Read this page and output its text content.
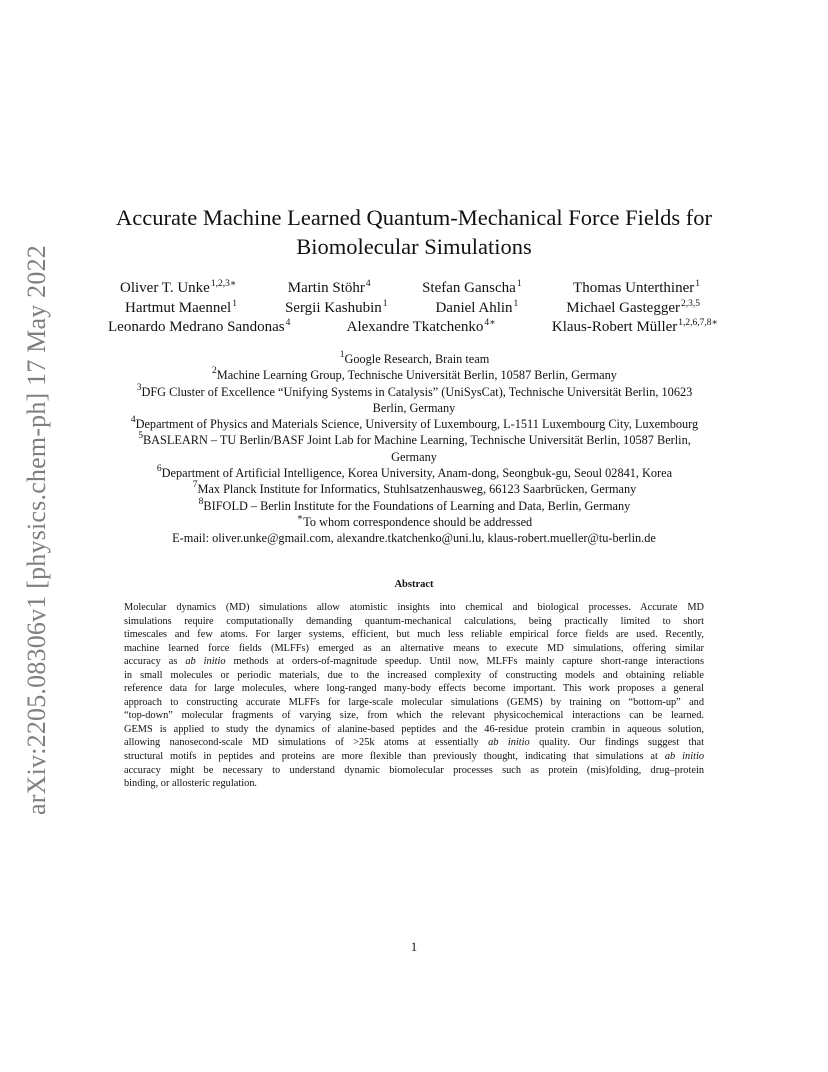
arXiv:2205.08306v1 [physics.chem-ph] 17 May 2022
Accurate Machine Learned Quantum-Mechanical Force Fields for
Biomolecular Simulations
Oliver T. Unke$^{1,2,3∗}$	Martin Stöhr$^4$	Stefan Ganscha$^1$	Thomas Unterthiner$^1$
Hartmut Maennel$^1$	Sergii Kashubin$^1$	Daniel Ahlin$^1$	Michael Gastegger$^{2,3,5}$
Leonardo Medrano Sandonas$^4$	Alexandre Tkatchenko$^{4∗}$	Klaus-Robert Müller$^{1,2,6,7,8∗}$
$^1$Google Research, Brain team
$^2$Machine Learning Group, Technische Universität Berlin, 10587 Berlin, Germany
$^3$DFG Cluster of Excellence “Unifying Systems in Catalysis” (UniSysCat), Technische Universität Berlin, 10623
Berlin, Germany
$^4$Department of Physics and Materials Science, University of Luxembourg, L-1511 Luxembourg City, Luxembourg
$^5$BASLEARN – TU Berlin/BASF Joint Lab for Machine Learning, Technische Universität Berlin, 10587 Berlin,
Germany
$^6$Department of Artificial Intelligence, Korea University, Anam-dong, Seongbuk-gu, Seoul 02841, Korea
$^7$Max Planck Institute for Informatics, Stuhlsatzenhausweg, 66123 Saarbrücken, Germany
$^8$BIFOLD – Berlin Institute for the Foundations of Learning and Data, Berlin, Germany
∗To whom correspondence should be addressed
E-mail: oliver.unke@gmail.com, alexandre.tkatchenko@uni.lu, klaus-robert.mueller@tu-berlin.de
Abstract
Molecular dynamics (MD) simulations allow atomistic insights into chemical and biological processes. Accurate MD
simulations require computationally demanding quantum-mechanical calculations, being practically limited to short
timescales and few atoms. For larger systems, efficient, but much less reliable empirical force fields are used. Recently,
machine learned force fields (MLFFs) emerged as an alternative means to execute MD simulations, offering similar
accuracy as ab initio methods at orders-of-magnitude speedup. Until now, MLFFs mainly capture short-range interactions
in small molecules or periodic materials, due to the increased complexity of constructing models and obtaining reliable
reference data for large molecules, where long-ranged many-body effects become important. This work proposes a general
approach to constructing accurate MLFFs for large-scale molecular simulations (GEMS) by training on “bottom-up” and
“top-down” molecular fragments of varying size, from which the relevant physicochemical interactions can be learned.
GEMS is applied to study the dynamics of alanine-based peptides and the 46-residue protein crambin in aqueous solution,
allowing nanosecond-scale MD simulations of >25k atoms at essentially ab initio quality. Our findings suggest that
structural motifs in peptides and proteins are more flexible than previously thought, indicating that simulations at ab initio
accuracy might be necessary to understand dynamic biomolecular processes such as protein (mis)folding, drug–protein
binding, or allosteric regulation.
1
